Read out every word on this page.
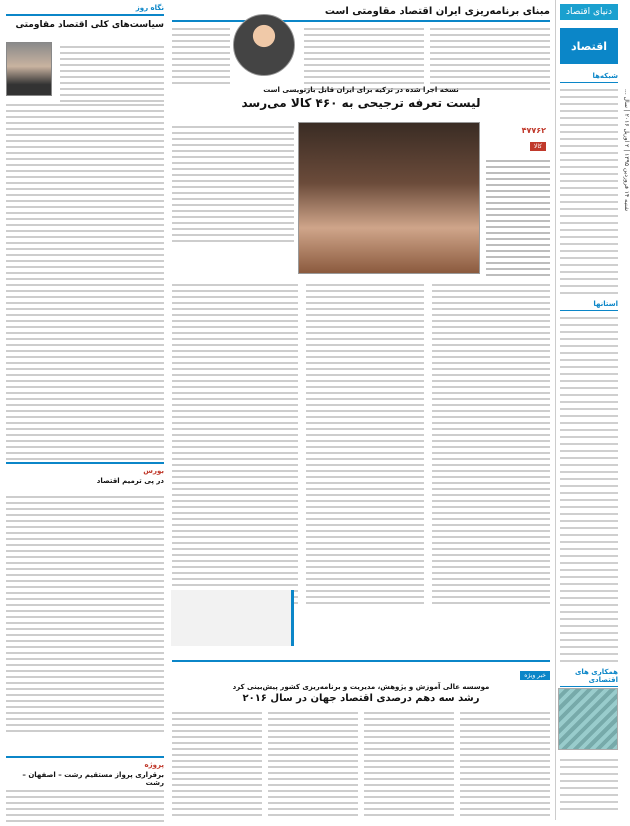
شنبه ۱۴ فروردین ۱۳۹۵ | ۲ آوریل ۲۰۱۶ | سال ...
دنیای اقتصاد
اقتصاد
شبکه‌ها
استانها
همکاری های اقتصادی
مبنای برنامه‌ریزی ایران اقتصاد مقاومتی است
نسخه اجرا شده در ترکیه برای ایران قابل بازنویسی است
لیست تعرفه ترجیحی به ۴۶۰ کالا می‌رسد
۴۷۷۶۲
کالا
خبر ویژه
موسسه عالی آموزش و پژوهش، مدیریت و برنامه‌ریزی کشور پیش‌بینی کرد
رشد سه دهم درصدی اقتصاد جهان در سال ۲۰۱۶
نگاه روز
سیاست‌های کلی اقتصاد مقاومتی
بورس
در پی ترمیم اقتصاد
پروژه
برقراری پرواز مستقیم رشت – اصفهان – رشت
